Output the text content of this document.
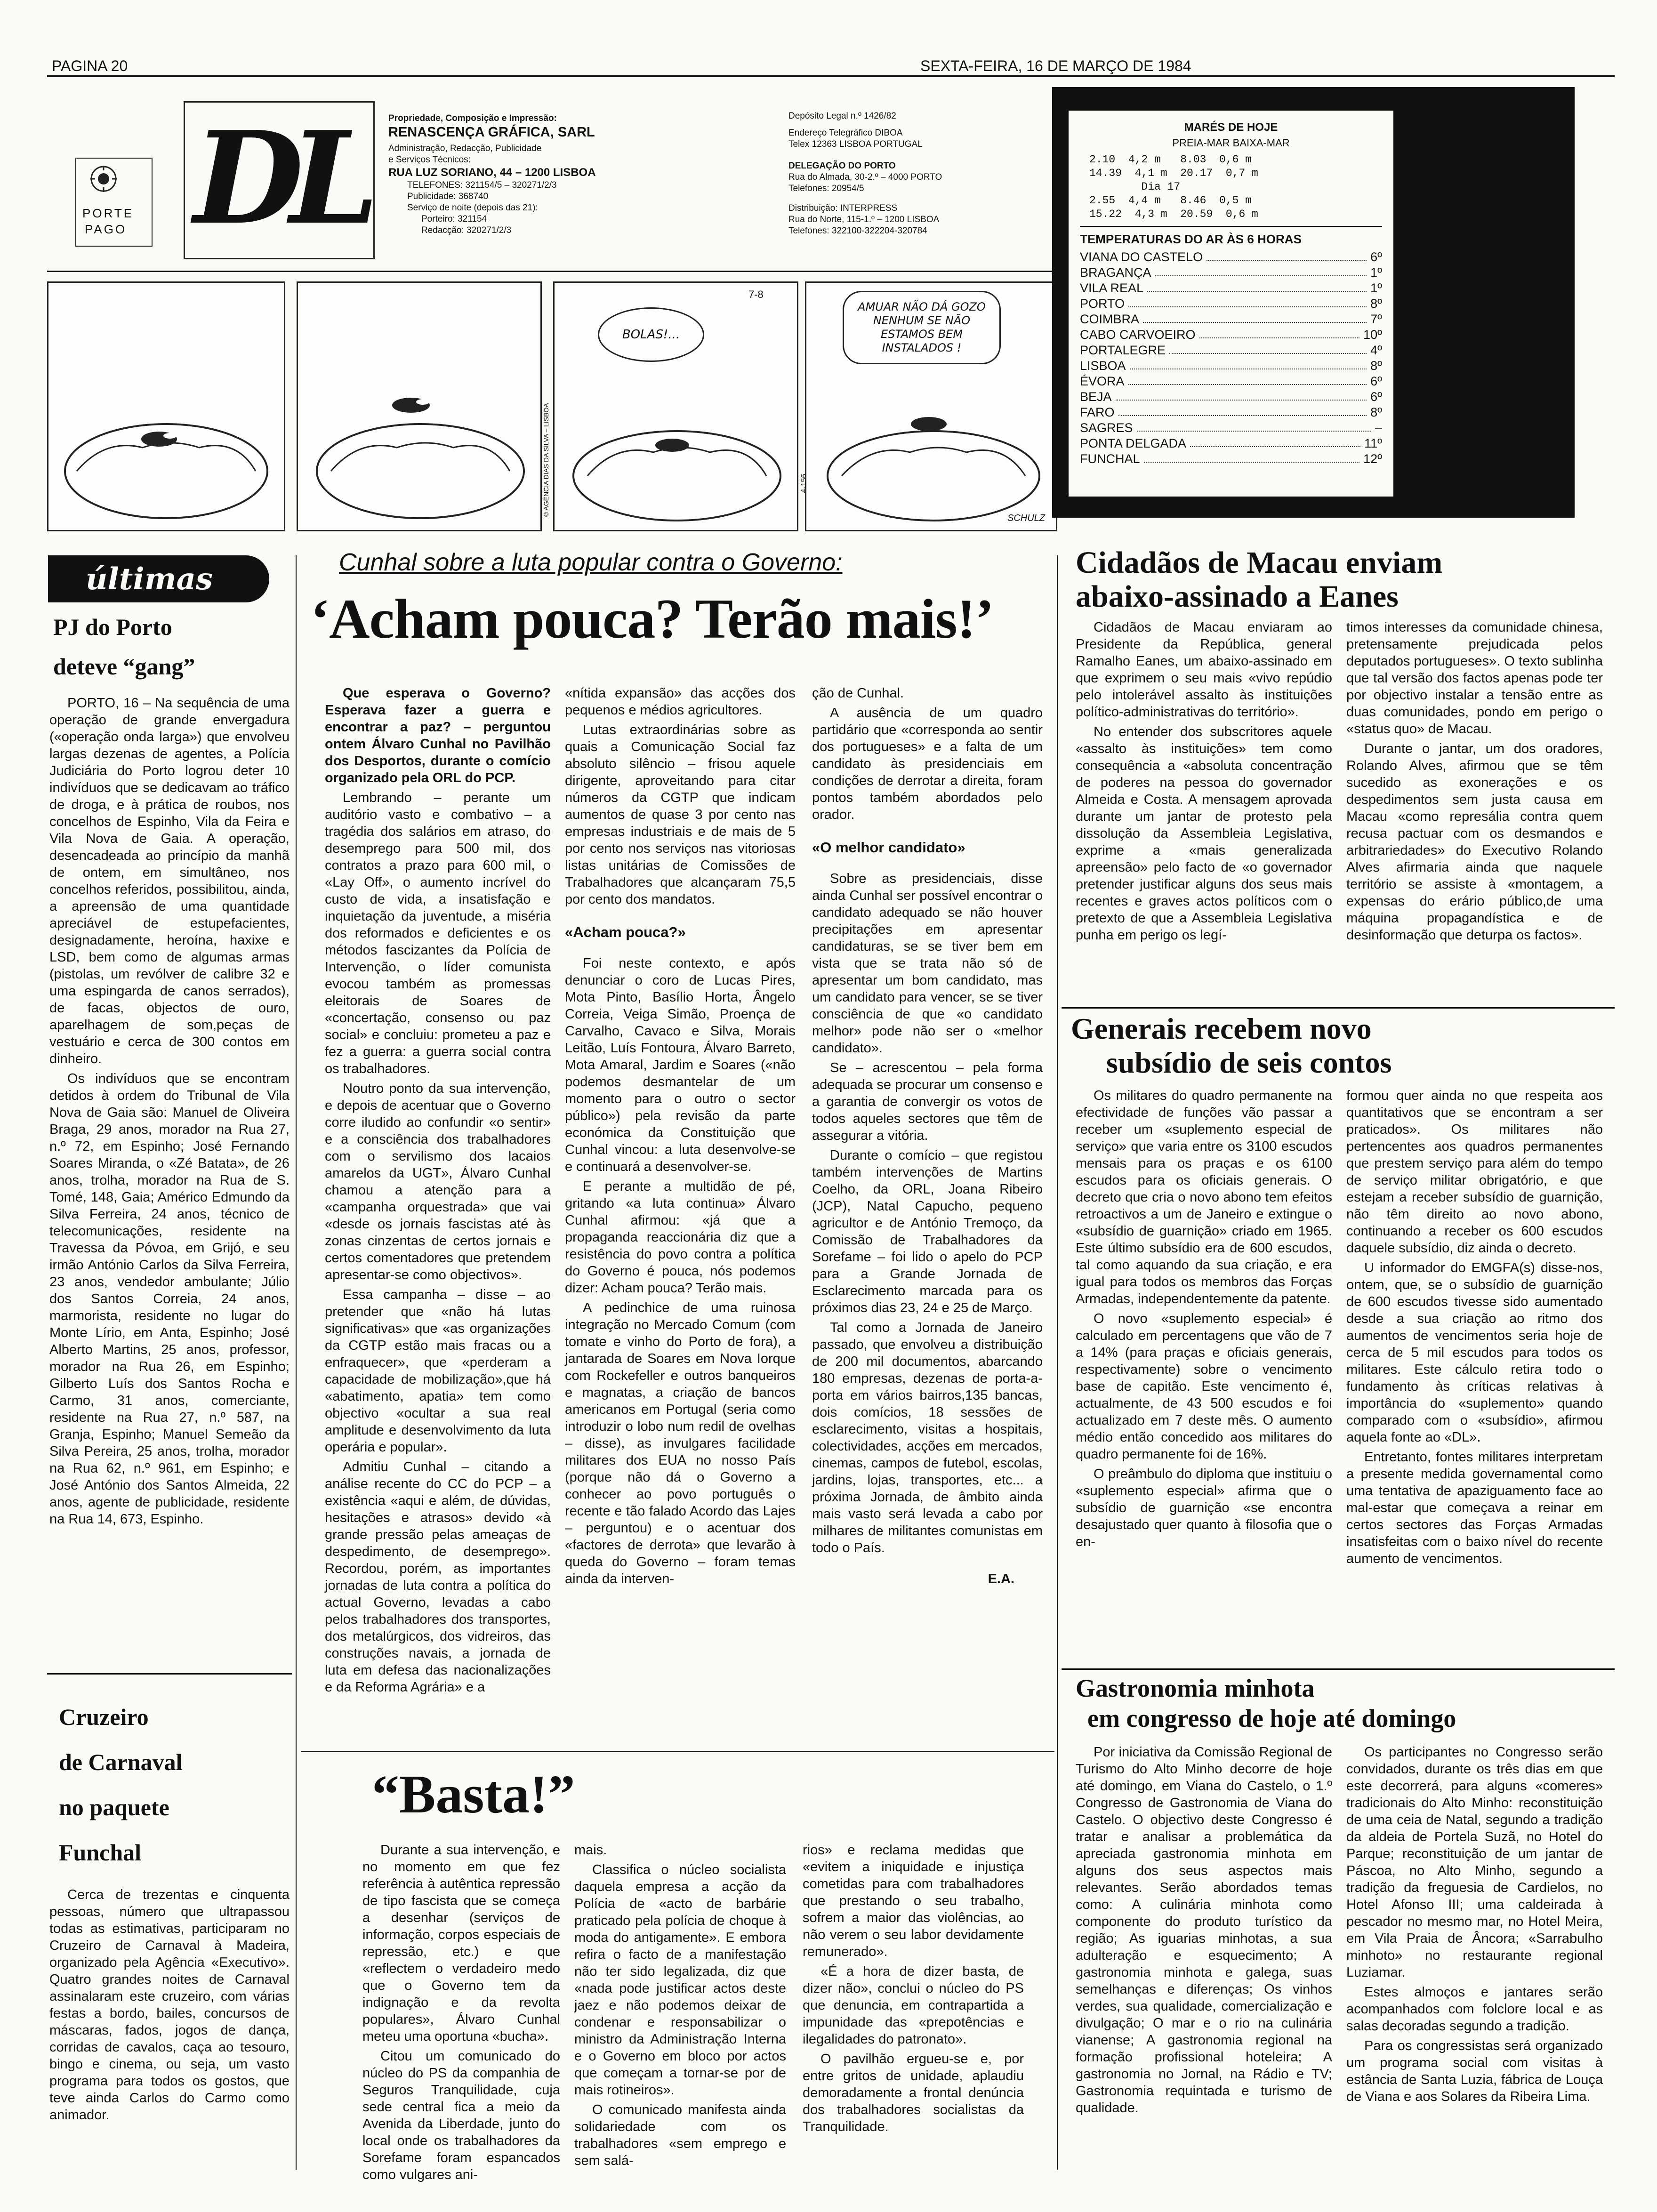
PAGINA 20	SEXTA-FEIRA, 16 DE MARÇO DE 1984
PORTE
PAGO DL	Propriedade, Composição e Impressão:
RENASCENÇA GRÁFICA, SARL
Administração, Redacção, Publicidade
e Serviços Técnicos:
RUA LUZ SORIANO, 44 – 1200 LISBOA
TELEFONES: 321154/5 – 320271/2/3
Publicidade: 368740
Serviço de noite (depois das 21):
Porteiro: 321154
Redacção: 320271/2/3
Depósito Legal n.º 1426/82
Endereço Telegráfico DIBOA
Telex 12363 LISBOA PORTUGAL
DELEGAÇÃO DO PORTO
Rua do Almada, 30-2.º – 4000 PORTO
Telefones: 20954/5
Distribuição: INTERPRESS
Rua do Norte, 115-1.º – 1200 LISBOA
Telefones: 322100-322204-320784
© AGÊNCIA DIAS DA SILVA – LISBOA
BOLAS!...
7-8
AMUAR NÃO DÁ GOZO NENHUM SE NÃO ESTAMOS BEM INSTALADOS !
SCHULZ
4-156
MARÉS DE HOJE
PREIA-MAR BAIXA-MAR
2.10  4,2 m   8.03  0,6 m
14.39  4,1 m  20.17  0,7 m
Dia 17
2.55  4,4 m   8.46  0,5 m
15.22  4,3 m  20.59  0,6 m
TEMPERATURAS DO AR ÀS 6 HORAS
VIANA DO CASTELO	6º
BRAGANÇA	1º
VILA REAL	1º
PORTO	8º
COIMBRA	7º
CABO CARVOEIRO	10º
PORTALEGRE	4º
LISBOA	8º
ÉVORA	6º
BEJA	6º
FARO	8º
SAGRES	–
PONTA DELGADA	11º
FUNCHAL	12º
últimas
PJ do Porto
deteve “gang”

PORTO, 16 – Na sequência de uma operação de grande envergadura («operação onda larga») que envolveu largas dezenas de agentes, a Polícia Judiciária do Porto logrou deter 10 indivíduos que se dedicavam ao tráfico de droga, e à prática de roubos, nos concelhos de Espinho, Vila da Feira e Vila Nova de Gaia. A operação, desencadeada ao princípio da manhã de ontem, em simultâneo, nos concelhos referidos, possibilitou, ainda, a apreensão de uma quantidade apreciável de estupefacientes, designadamente, heroína, haxixe e LSD, bem como de algumas armas (pistolas, um revólver de calibre 32 e uma espingarda de canos serrados), de facas, objectos de ouro, aparelhagem de som,peças de vestuário e cerca de 300 contos em dinheiro.

Os indivíduos que se encontram detidos à ordem do Tribunal de Vila Nova de Gaia são: Manuel de Oliveira Braga, 29 anos, morador na Rua 27, n.º 72, em Espinho; José Fernando Soares Miranda, o «Zé Batata», de 26 anos, trolha, morador na Rua de S. Tomé, 148, Gaia; Américo Edmundo da Silva Ferreira, 24 anos, técnico de telecomunicações, residente na Travessa da Póvoa, em Grijó, e seu irmão António Carlos da Silva Ferreira, 23 anos, vendedor ambulante; Júlio dos Santos Correia, 24 anos, marmorista, residente no lugar do Monte Lírio, em Anta, Espinho; José Alberto Martins, 25 anos, professor, morador na Rua 26, em Espinho; Gilberto Luís dos Santos Rocha e Carmo, 31 anos, comerciante, residente na Rua 27, n.º 587, na Granja, Espinho; Manuel Semeão da Silva Pereira, 25 anos, trolha, morador na Rua 62, n.º 961, em Espinho; e José António dos Santos Almeida, 22 anos, agente de publicidade, residente na Rua 14, 673, Espinho.

Cruzeiro
de Carnaval
no paquete
Funchal

Cerca de trezentas e cinquenta pessoas, número que ultrapassou todas as estimativas, participaram no Cruzeiro de Carnaval à Madeira, organizado pela Agência «Executivo». Quatro grandes noites de Carnaval assinalaram este cruzeiro, com várias festas a bordo, bailes, concursos de máscaras, fados, jogos de dança, corridas de cavalos, caça ao tesouro, bingo e cinema, ou seja, um vasto programa para todos os gostos, que teve ainda Carlos do Carmo como animador.

Cunhal sobre a luta popular contra o Governo:
‘Acham pouca? Terão mais!’

Que esperava o Governo? Esperava fazer a guerra e encontrar a paz? – perguntou ontem Álvaro Cunhal no Pavilhão dos Desportos, durante o comício organizado pela ORL do PCP.

Lembrando – perante um auditório vasto e combativo – a tragédia dos salários em atraso, do desemprego para 500 mil, dos contratos a prazo para 600 mil, o «Lay Off», o aumento incrível do custo de vida, a insatisfação e inquietação da juventude, a miséria dos reformados e deficientes e os métodos fascizantes da Polícia de Intervenção, o líder comunista evocou também as promessas eleitorais de Soares de «concertação, consenso ou paz social» e concluiu: prometeu a paz e fez a guerra: a guerra social contra os trabalhadores.

Noutro ponto da sua intervenção, e depois de acentuar que o Governo corre iludido ao confundir «o sentir» e a consciência dos trabalhadores com o servilismo dos lacaios amarelos da UGT», Álvaro Cunhal chamou a atenção para a «campanha orquestrada» que vai «desde os jornais fascistas até às zonas cinzentas de certos jornais e certos comentadores que pretendem apresentar-se como objectivos».

Essa campanha – disse – ao pretender que «não há lutas significativas» que «as organizações da CGTP estão mais fracas ou a enfraquecer», que «perderam a capacidade de mobilização»,que há «abatimento, apatia» tem como objectivo «ocultar a sua real amplitude e desenvolvimento da luta operária e popular».

Admitiu Cunhal – citando a análise recente do CC do PCP – a existência «aqui e além, de dúvidas, hesitações e atrasos» devido «à grande pressão pelas ameaças de despedimento, de desemprego». Recordou, porém, as importantes jornadas de luta contra a política do actual Governo, levadas a cabo pelos trabalhadores dos transportes, dos metalúrgicos, dos vidreiros, das construções navais, a jornada de luta em defesa das nacionalizações e da Reforma Agrária» e a

«nítida expansão» das acções dos pequenos e médios agricultores.

Lutas extraordinárias sobre as quais a Comunicação Social faz absoluto silêncio – frisou aquele dirigente, aproveitando para citar números da CGTP que indicam aumentos de quase 3 por cento nas empresas industriais e de mais de 5 por cento nos serviços nas vitoriosas listas unitárias de Comissões de Trabalhadores que alcançaram 75,5 por cento dos mandatos.

«Acham pouca?»

Foi neste contexto, e após denunciar o coro de Lucas Pires, Mota Pinto, Basílio Horta, Ângelo Correia, Veiga Simão, Proença de Carvalho, Cavaco e Silva, Morais Leitão, Luís Fontoura, Álvaro Barreto, Mota Amaral, Jardim e Soares («não podemos desmantelar de um momento para o outro o sector público») pela revisão da parte económica da Constituição que Cunhal vincou: a luta desenvolve-se e continuará a desenvolver-se.

E perante a multidão de pé, gritando «a luta continua» Álvaro Cunhal afirmou: «já que a propaganda reaccionária diz que a resistência do povo contra a política do Governo é pouca, nós podemos dizer: Acham pouca? Terão mais.

A pedinchice de uma ruinosa integração no Mercado Comum (com tomate e vinho do Porto de fora), a jantarada de Soares em Nova Iorque com Rockefeller e outros banqueiros e magnatas, a criação de bancos americanos em Portugal (seria como introduzir o lobo num redil de ovelhas – disse), as invulgares facilidade militares dos EUA no nosso País (porque não dá o Governo a conhecer ao povo português o recente e tão falado Acordo das Lajes – perguntou) e o acentuar dos «factores de derrota» que levarão à queda do Governo – foram temas ainda da interven-

ção de Cunhal.

A ausência de um quadro partidário que «corresponda ao sentir dos portugueses» e a falta de um candidato às presidenciais em condições de derrotar a direita, foram pontos também abordados pelo orador.

«O melhor candidato»

Sobre as presidenciais, disse ainda Cunhal ser possível encontrar o candidato adequado se não houver precipitações em apresentar candidaturas, se se tiver bem em vista que se trata não só de apresentar um bom candidato, mas um candidato para vencer, se se tiver consciência de que «o candidato melhor» pode não ser o «melhor candidato».

Se – acrescentou – pela forma adequada se procurar um consenso e a garantia de convergir os votos de todos aqueles sectores que têm de assegurar a vitória.

Durante o comício – que registou também intervenções de Martins Coelho, da ORL, Joana Ribeiro (JCP), Natal Capucho, pequeno agricultor e de António Tremoço, da Comissão de Trabalhadores da Sorefame – foi lido o apelo do PCP para a Grande Jornada de Esclarecimento marcada para os próximos dias 23, 24 e 25 de Março.

Tal como a Jornada de Janeiro passado, que envolveu a distribuição de 200 mil documentos, abarcando 180 empresas, dezenas de porta-a-porta em vários bairros,135 bancas, dois comícios, 18 sessões de esclarecimento, visitas a hospitais, colectividades, acções em mercados, cinemas, campos de futebol, escolas, jardins, lojas, transportes, etc... a próxima Jornada, de âmbito ainda mais vasto será levada a cabo por milhares de militantes comunistas em todo o País.

E.A.
“Basta!”

Durante a sua intervenção, e no momento em que fez referência à autêntica repressão de tipo fascista que se começa a desenhar (serviços de informação, corpos especiais de repressão, etc.) e que «reflectem o verdadeiro medo que o Governo tem da indignação e da revolta populares», Álvaro Cunhal meteu uma oportuna «bucha».

Citou um comunicado do núcleo do PS da companhia de Seguros Tranquilidade, cuja sede central fica a meio da Avenida da Liberdade, junto do local onde os trabalhadores da Sorefame foram espancados como vulgares ani-

mais.

Classifica o núcleo socialista daquela empresa a acção da Polícia de «acto de barbárie praticado pela polícia de choque à moda do antigamente». E embora refira o facto de a manifestação não ter sido legalizada, diz que «nada pode justificar actos deste jaez e não podemos deixar de condenar e responsabilizar o ministro da Administração Interna e o Governo em bloco por actos que começam a tornar-se por de mais rotineiros».

O comunicado manifesta ainda solidariedade com os trabalhadores «sem emprego e sem salá-

rios» e reclama medidas que «evitem a iniquidade e injustiça cometidas para com trabalhadores que prestando o seu trabalho, sofrem a maior das violências, ao não verem o seu labor devidamente remunerado».

«É a hora de dizer basta, de dizer não», conclui o núcleo do PS que denuncia, em contrapartida a impunidade das «prepotências e ilegalidades do patronato».

O pavilhão ergueu-se e, por entre gritos de unidade, aplaudiu demoradamente a frontal denúncia dos trabalhadores socialistas da Tranquilidade.

Cidadãos de Macau enviam
abaixo-assinado a Eanes

Cidadãos de Macau enviaram ao Presidente da República, general Ramalho Eanes, um abaixo-assinado em que exprimem o seu mais «vivo repúdio pelo intolerável assalto às instituições político-administrativas do território».

No entender dos subscritores aquele «assalto às instituições» tem como consequência a «absoluta concentração de poderes na pessoa do governador Almeida e Costa. A mensagem aprovada durante um jantar de protesto pela dissolução da Assembleia Legislativa, exprime a «mais generalizada apreensão» pelo facto de «o governador pretender justificar alguns dos seus mais recentes e graves actos políticos com o pretexto de que a Assembleia Legislativa punha em perigo os legí-

timos interesses da comunidade chinesa, pretensamente prejudicada pelos deputados portugueses». O texto sublinha que tal versão dos factos apenas pode ter por objectivo instalar a tensão entre as duas comunidades, pondo em perigo o «status quo» de Macau.

Durante o jantar, um dos oradores, Rolando Alves, afirmou que se têm sucedido as exonerações e os despedimentos sem justa causa em Macau «como represália contra quem recusa pactuar com os desmandos e arbitrariedades» do Executivo Rolando Alves afirmaria ainda que naquele território se assiste à «montagem, a expensas do erário público,de uma máquina propagandística e de desinformação que deturpa os factos».

Generais recebem novo
subsídio de seis contos

Os militares do quadro permanente na efectividade de funções vão passar a receber um «suplemento especial de serviço» que varia entre os 3100 escudos mensais para os praças e os 6100 escudos para os oficiais generais. O decreto que cria o novo abono tem efeitos retroactivos a um de Janeiro e extingue o «subsídio de guarnição» criado em 1965. Este último subsídio era de 600 escudos, tal como aquando da sua criação, e era igual para todos os membros das Forças Armadas, independentemente da patente.

O novo «suplemento especial» é calculado em percentagens que vão de 7 a 14% (para praças e oficiais generais, respectivamente) sobre o vencimento base de capitão. Este vencimento é, actualmente, de 43 500 escudos e foi actualizado em 7 deste mês. O aumento médio então concedido aos militares do quadro permanente foi de 16%.

O preâmbulo do diploma que instituiu o «suplemento especial» afirma que o subsídio de guarnição «se encontra desajustado quer quanto à filosofia que o en-

formou quer ainda no que respeita aos quantitativos que se encontram a ser praticados». Os militares não pertencentes aos quadros permanentes que prestem serviço para além do tempo de serviço militar obrigatório, e que estejam a receber subsídio de guarnição, não têm direito ao novo abono, continuando a receber os 600 escudos daquele subsídio, diz ainda o decreto.

U informador do EMGFA(s) disse-nos, ontem, que, se o subsídio de guarnição de 600 escudos tivesse sido aumentado desde a sua criação ao ritmo dos aumentos de vencimentos seria hoje de cerca de 5 mil escudos para todos os militares. Este cálculo retira todo o fundamento às críticas relativas à importância do «suplemento» quando comparado com o «subsídio», afirmou aquela fonte ao «DL».

Entretanto, fontes militares interpretam a presente medida governamental como uma tentativa de apaziguamento face ao mal-estar que começava a reinar em certos sectores das Forças Armadas insatisfeitas com o baixo nível do recente aumento de vencimentos.

Gastronomia minhota
em congresso de hoje até domingo

Por iniciativa da Comissão Regional de Turismo do Alto Minho decorre de hoje até domingo, em Viana do Castelo, o 1.º Congresso de Gastronomia de Viana do Castelo. O objectivo deste Congresso é tratar e analisar a problemática da apreciada gastronomia minhota em alguns dos seus aspectos mais relevantes. Serão abordados temas como: A culinária minhota como componente do produto turístico da região; As iguarias minhotas, a sua adulteração e esquecimento; A gastronomia minhota e galega, suas semelhanças e diferenças; Os vinhos verdes, sua qualidade, comercialização e divulgação; O mar e o rio na culinária vianense; A gastronomia regional na formação profissional hoteleira; A gastronomia no Jornal, na Rádio e TV; Gastronomia requintada e turismo de qualidade.

Os participantes no Congresso serão convidados, durante os três dias em que este decorrerá, para alguns «comeres» tradicionais do Alto Minho: reconstituição de uma ceia de Natal, segundo a tradição da aldeia de Portela Suzã, no Hotel do Parque; reconstituição de um jantar de Páscoa, no Alto Minho, segundo a tradição da freguesia de Cardielos, no Hotel Afonso III; uma caldeirada à pescador no mesmo mar, no Hotel Meira, em Vila Praia de Âncora; «Sarrabulho minhoto» no restaurante regional Luziamar.

Estes almoços e jantares serão acompanhados com folclore local e as salas decoradas segundo a tradição.

Para os congressistas será organizado um programa social com visitas à estância de Santa Luzia, fábrica de Louça de Viana e aos Solares da Ribeira Lima.
